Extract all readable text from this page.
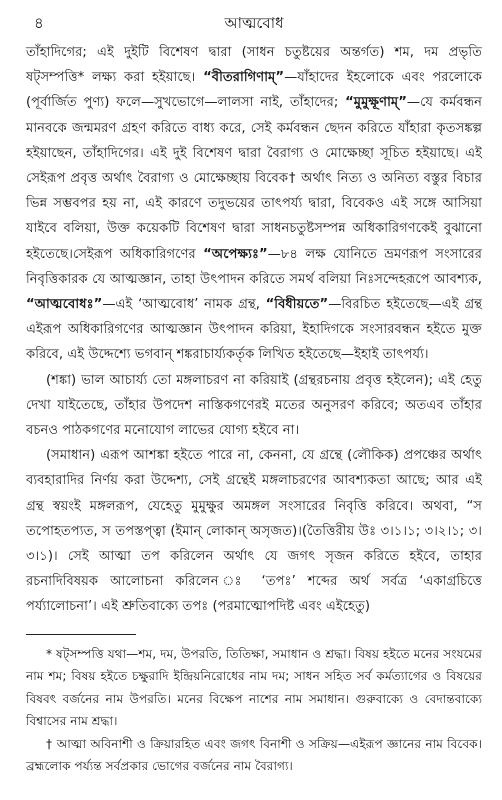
৪	আত্মবোধ

তাঁহাদিগের; এই দুইটি বিশেষণ দ্বারা (সাধন চতুষ্টয়ের অন্তর্গত) শম, দম প্রভৃতি ষট্‌সম্পত্তি* লক্ষ্য করা হইয়াছে। “বীতরাগিণাম্”—যাঁহাদের ইহলোকে এবং পরলোকে (পূর্বার্জিত পুণ্য) ফলে—সুখভোগে—লালসা নাই, তাঁহাদের; “মুমুক্ষূণাম্”—যে কর্মবন্ধন মানবকে জন্মমরণ গ্রহণ করিতে বাধ্য করে, সেই কর্মবন্ধন ছেদন করিতে যাঁহারা কৃতসঙ্কল্প হইয়াছেন, তাঁহাদিগের। এই দুই বিশেষণ দ্বারা বৈরাগ্য ও মোক্ষেচ্ছা সূচিত হইয়াছে। এই সেইরূপ প্রবৃত্ত অর্থাৎ বৈরাগ্য ও মোক্ষেচ্ছায় বিবেক† অর্থাৎ নিত্য ও অনিত্য বস্তুর বিচার ভিন্ন সম্ভবপর হয় না, এই কারণে তদুভয়ের তাৎপর্য্য দ্বারা, বিবেকও এই সঙ্গে আসিয়া যাইবে বলিয়া, উক্ত কয়েকটি বিশেষণ দ্বারা সাধনচতুষ্টসম্পন্ন অধিকারিগণকেই বুঝানো হইতেছে।সেইরূপ অধিকারিগণের “অপেক্ষ্যঃ”—৮৪ লক্ষ যোনিতে ভ্রমণরূপ সংসারের নিবৃত্তিকারক যে আত্মজ্ঞান, তাহা উৎপাদন করিতে সমর্থ বলিয়া নিঃসন্দেহরূপে আবশ্যক, “আত্মবোধঃ”—এই ‘আত্মবোধ’ নামক গ্রন্থ, “বিধীয়তে”—বিরচিত হইতেছে—এই গ্রন্থ এইরূপ অধিকারিগণের আত্মজ্ঞান উৎপাদন করিয়া, ইহাদিগকে সংসারবন্ধন হইতে মুক্ত করিবে, এই উদ্দেশ্যে ভগবান্ শঙ্করাচার্য্যকর্তৃক লিখিত হইতেছে—ইহাই তাৎপর্য্য।

(শঙ্কা) ভাল আচার্য্য তো মঙ্গলাচরণ না করিয়াই (গ্রন্থরচনায় প্রবৃত্ত হইলেন); এই হেতু দেখা যাইতেছে, তাঁহার উপদেশ নাস্তিকগণেরই মতের অনুসরণ করিবে; অতএব তাঁহার বচনও পাঠকগণের মনোযোগ লাভের যোগ্য হইবে না।

(সমাধান) এরূপ আশঙ্কা হইতে পারে না, কেননা, যে গ্রন্থে (লৌকিক) প্রপঞ্চের অর্থাৎ ব্যবহারাদির নির্ণয় করা উদ্দেশ্য, সেই গ্রন্থেই মঙ্গলাচরণের আবশ্যকতা আছে; আর এই গ্রন্থ স্বয়ংই মঙ্গলরূপ, যেহেতু মুমুক্ষুর অমঙ্গল সংসারের নিবৃত্তি করিবে। অথবা, “স তপোহতপ্যত, স তপস্তপ্ত্বা (ইমান্ লোকান্ অসৃজত)।(তৈত্তিরীয় উঃ ৩।১।১; ৩।২।১; ৩।৩।১)। সেই আত্মা তপ করিলেন অর্থাৎ যে জগৎ সৃজন করিতে হইবে, তাহার রচনাদিবিষয়ক আলোচনা করিলেন ঃ ‘তপঃ’ শব্দের অর্থ সর্বত্র ‘একাগ্রচিত্তে পর্য্যালোচনা’। এই শ্রুতিবাক্যে তপঃ (পরমাত্মোপদিষ্ট এবং এইহেতু)

* ষট্‌সম্পত্তি যথা—শম, দম, উপরতি, তিতিক্ষা, সমাধান ও শ্রদ্ধা। বিষয় হইতে মনের সংযমের নাম শম; বিষয় হইতে চক্ষুরাদি ইন্দ্রিয়নিরোধের নাম দম; সাধন সহিত সর্ব কর্মত্যাগের ও বিষয়ের বিষবৎ বর্জনের নাম উপরতি। মনের বিক্ষেপ নাশের নাম সমাধান। গুরুবাক্যে ও বেদান্তবাক্যে বিশ্বাসের নাম শ্রদ্ধা।

† আত্মা অবিনাশী ও ক্রিয়ারহিত এবং জগৎ বিনাশী ও সক্রিয়—এইরূপ জ্ঞানের নাম বিবেক। ব্রহ্মলোক পর্য্যন্ত সর্বপ্রকার ভোগের বর্জনের নাম বৈরাগ্য।
